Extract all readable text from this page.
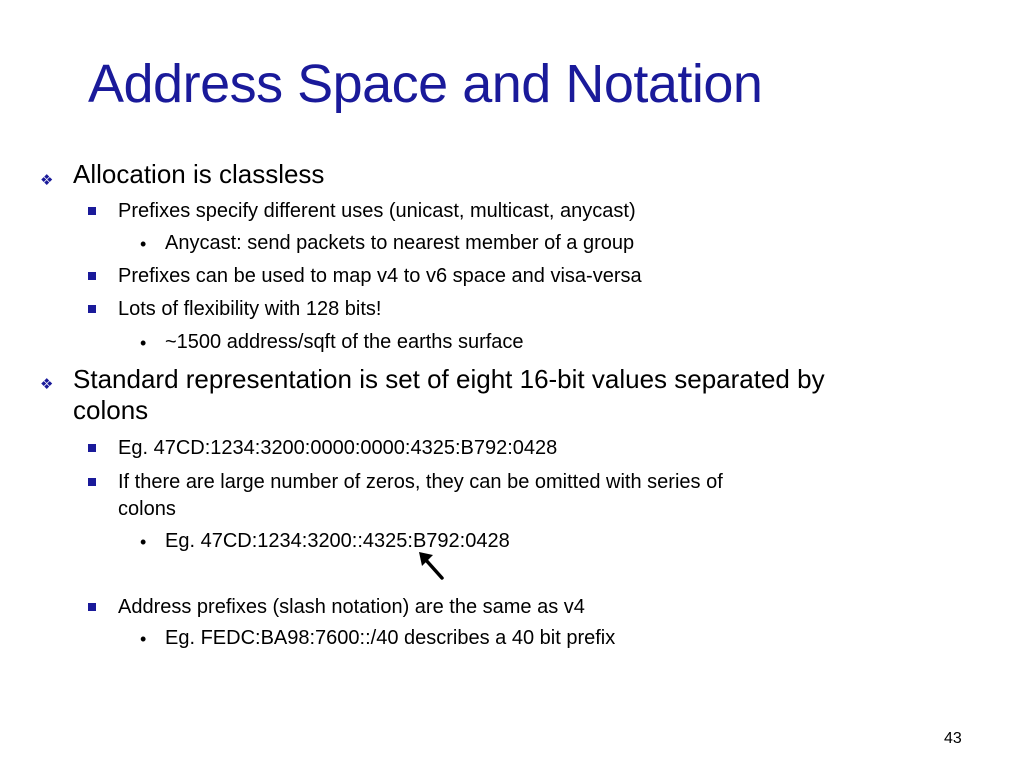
Address Space and Notation
❖ Allocation is classless
Prefixes specify different uses (unicast, multicast, anycast)
• Anycast: send packets to nearest member of a group
Prefixes can be used to map v4 to v6 space and visa-versa
Lots of flexibility with 128 bits!
• ~1500 address/sqft of the earths surface
❖ Standard representation is set of eight 16-bit values separated by
colons
Eg. 47CD:1234:3200:0000:0000:4325:B792:0428
If there are large number of zeros, they can be omitted with series of
colons
• Eg. 47CD:1234:3200::4325:B792:0428
Address prefixes (slash notation) are the same as v4
• Eg. FEDC:BA98:7600::/40 describes a 40 bit prefix
43
